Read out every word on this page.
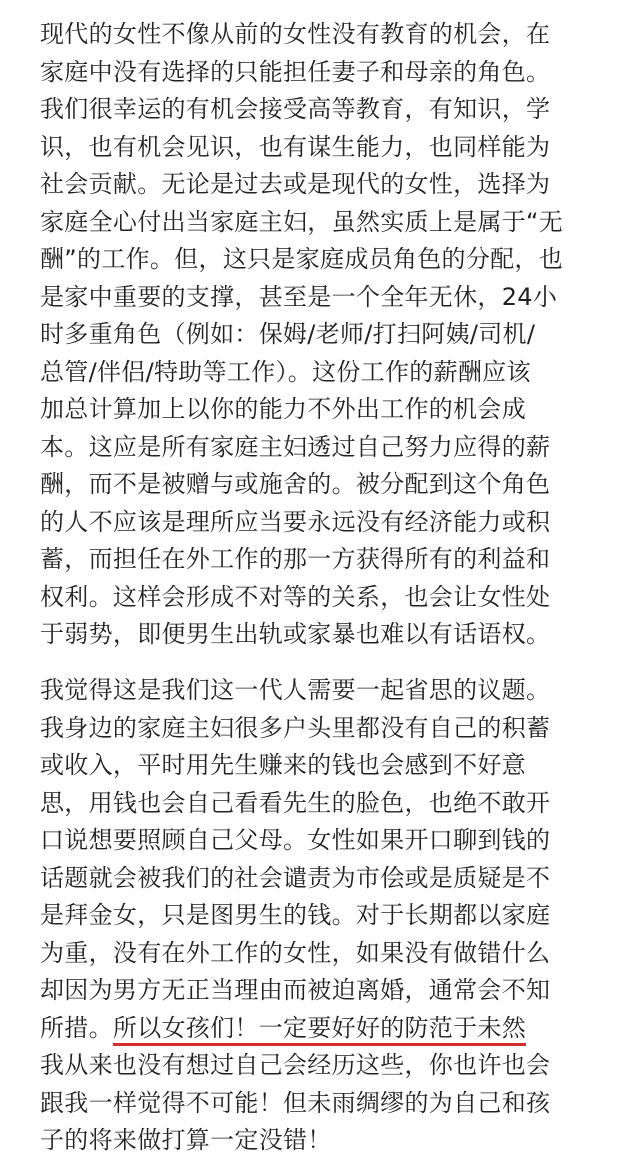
现代的女性不像从前的女性没有教育的机会，在
家庭中没有选择的只能担任妻子和母亲的角色。
我们很幸运的有机会接受高等教育，有知识，学
识，也有机会见识，也有谋生能力，也同样能为
社会贡献。无论是过去或是现代的女性，选择为
家庭全心付出当家庭主妇，虽然实质上是属于“无
酬”的工作。但，这只是家庭成员角色的分配，也
是家中重要的支撑，甚至是一个全年无休，24小
时多重角色（例如：保姆/老师/打扫阿姨/司机/
总管/伴侣/特助等工作）。这份工作的薪酬应该
加总计算加上以你的能力不外出工作的机会成
本。这应是所有家庭主妇透过自己努力应得的薪
酬，而不是被赠与或施舍的。被分配到这个角色
的人不应该是理所应当要永远没有经济能力或积
蓄，而担任在外工作的那一方获得所有的利益和
权利。这样会形成不对等的关系，也会让女性处
于弱势，即便男生出轨或家暴也难以有话语权。

我觉得这是我们这一代人需要一起省思的议题。
我身边的家庭主妇很多户头里都没有自己的积蓄
或收入，平时用先生赚来的钱也会感到不好意
思，用钱也会自己看看先生的脸色，也绝不敢开
口说想要照顾自己父母。女性如果开口聊到钱的
话题就会被我们的社会谴责为市侩或是质疑是不
是拜金女，只是图男生的钱。对于长期都以家庭
为重，没有在外工作的女性，如果没有做错什么
却因为男方无正当理由而被迫离婚，通常会不知
所措。所以女孩们！一定要好好的防范于未然
我从来也没有想过自己会经历这些，你也许也会
跟我一样觉得不可能！但未雨绸缪的为自己和孩
子的将来做打算一定没错！
